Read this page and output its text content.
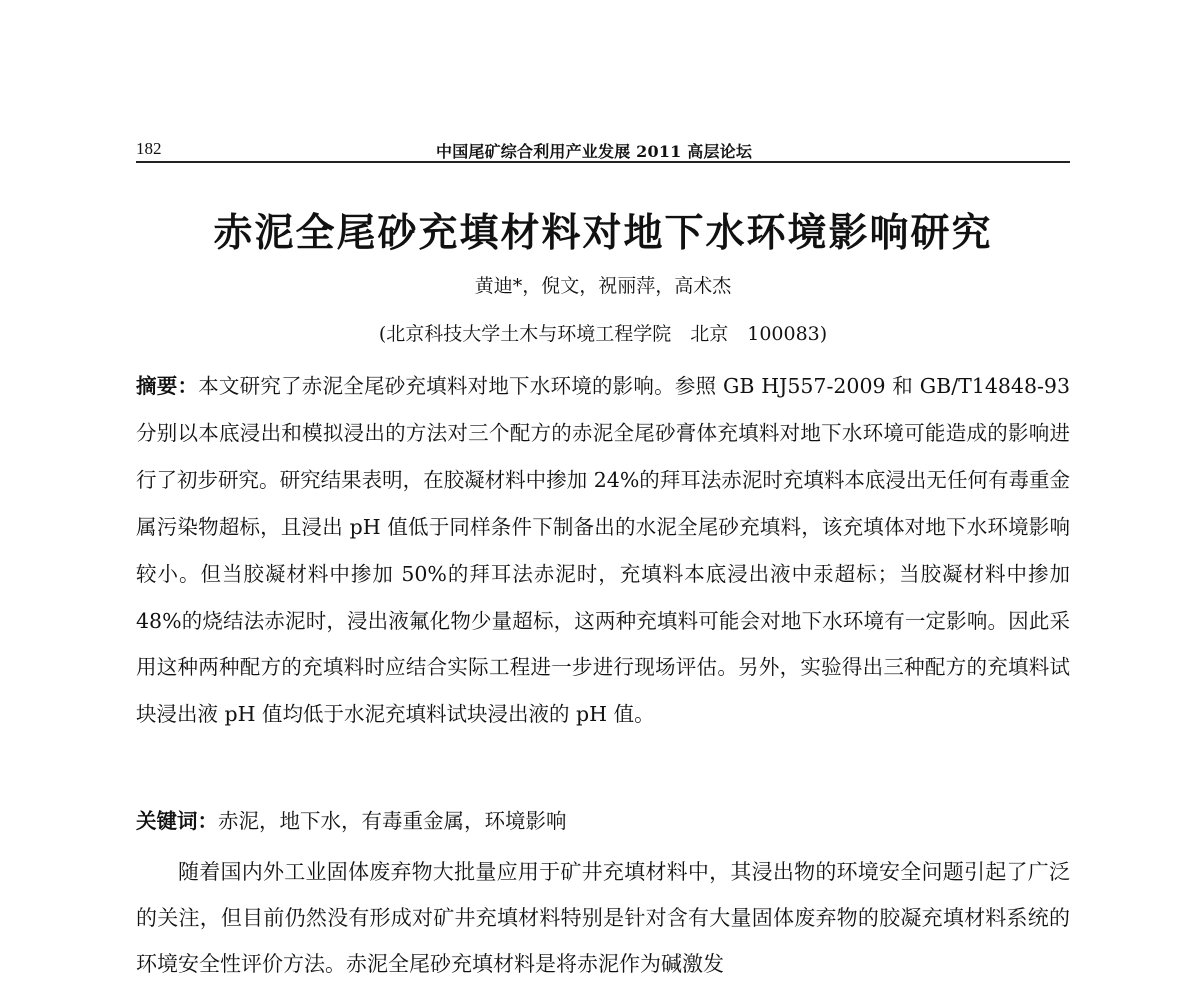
182	中国尾矿综合利用产业发展 2011 高层论坛
赤泥全尾砂充填材料对地下水环境影响研究
黄迪*，倪文，祝丽萍，高术杰
(北京科技大学土木与环境工程学院　北京　100083)

摘要：本文研究了赤泥全尾砂充填料对地下水环境的影响。参照 GB HJ557-2009 和 GB/T14848-93 分别以本底浸出和模拟浸出的方法对三个配方的赤泥全尾砂膏体充填料对地下水环境可能造成的影响进行了初步研究。研究结果表明，在胶凝材料中掺加 24%的拜耳法赤泥时充填料本底浸出无任何有毒重金属污染物超标，且浸出 pH 值低于同样条件下制备出的水泥全尾砂充填料，该充填体对地下水环境影响较小。但当胶凝材料中掺加 50%的拜耳法赤泥时，充填料本底浸出液中汞超标；当胶凝材料中掺加 48%的烧结法赤泥时，浸出液氟化物少量超标，这两种充填料可能会对地下水环境有一定影响。因此采用这种两种配方的充填料时应结合实际工程进一步进行现场评估。另外，实验得出三种配方的充填料试块浸出液 pH 值均低于水泥充填料试块浸出液的 pH 值。

关键词：赤泥，地下水，有毒重金属，环境影响

随着国内外工业固体废弃物大批量应用于矿井充填材料中，其浸出物的环境安全问题引起了广泛的关注，但目前仍然没有形成对矿井充填材料特别是针对含有大量固体废弃物的胶凝充填材料系统的环境安全性评价方法。赤泥全尾砂充填材料是将赤泥作为碱激发
